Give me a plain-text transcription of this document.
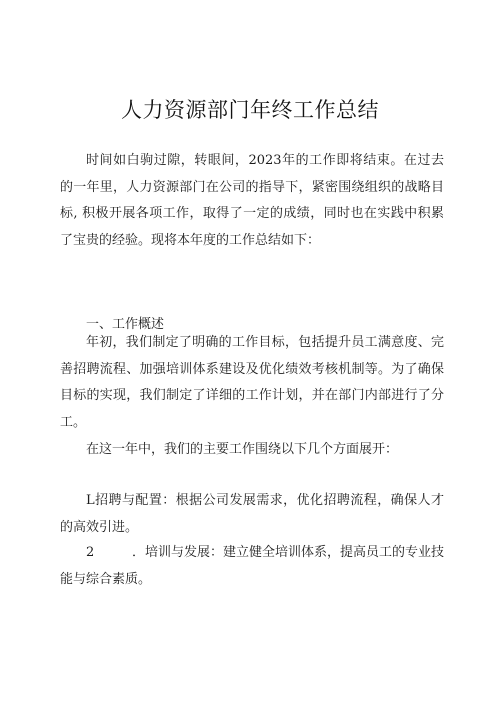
人力资源部门年终工作总结

时间如白驹过隙，转眼间，2023年的工作即将结束。在过去的一年里，人力资源部门在公司的指导下，紧密围绕组织的战略目标, 积极开展各项工作，取得了一定的成绩，同时也在实践中积累了宝贵的经验。现将本年度的工作总结如下：

一、工作概述

年初，我们制定了明确的工作目标，包括提升员工满意度、完善招聘流程、加强培训体系建设及优化绩效考核机制等。为了确保目标的实现，我们制定了详细的工作计划，并在部门内部进行了分工。

在这一年中，我们的主要工作围绕以下几个方面展开：

L招聘与配置：根据公司发展需求，优化招聘流程，确保人才的高效引进。

2	．培训与发展：建立健全培训体系，提高员工的专业技能与综合素质。
